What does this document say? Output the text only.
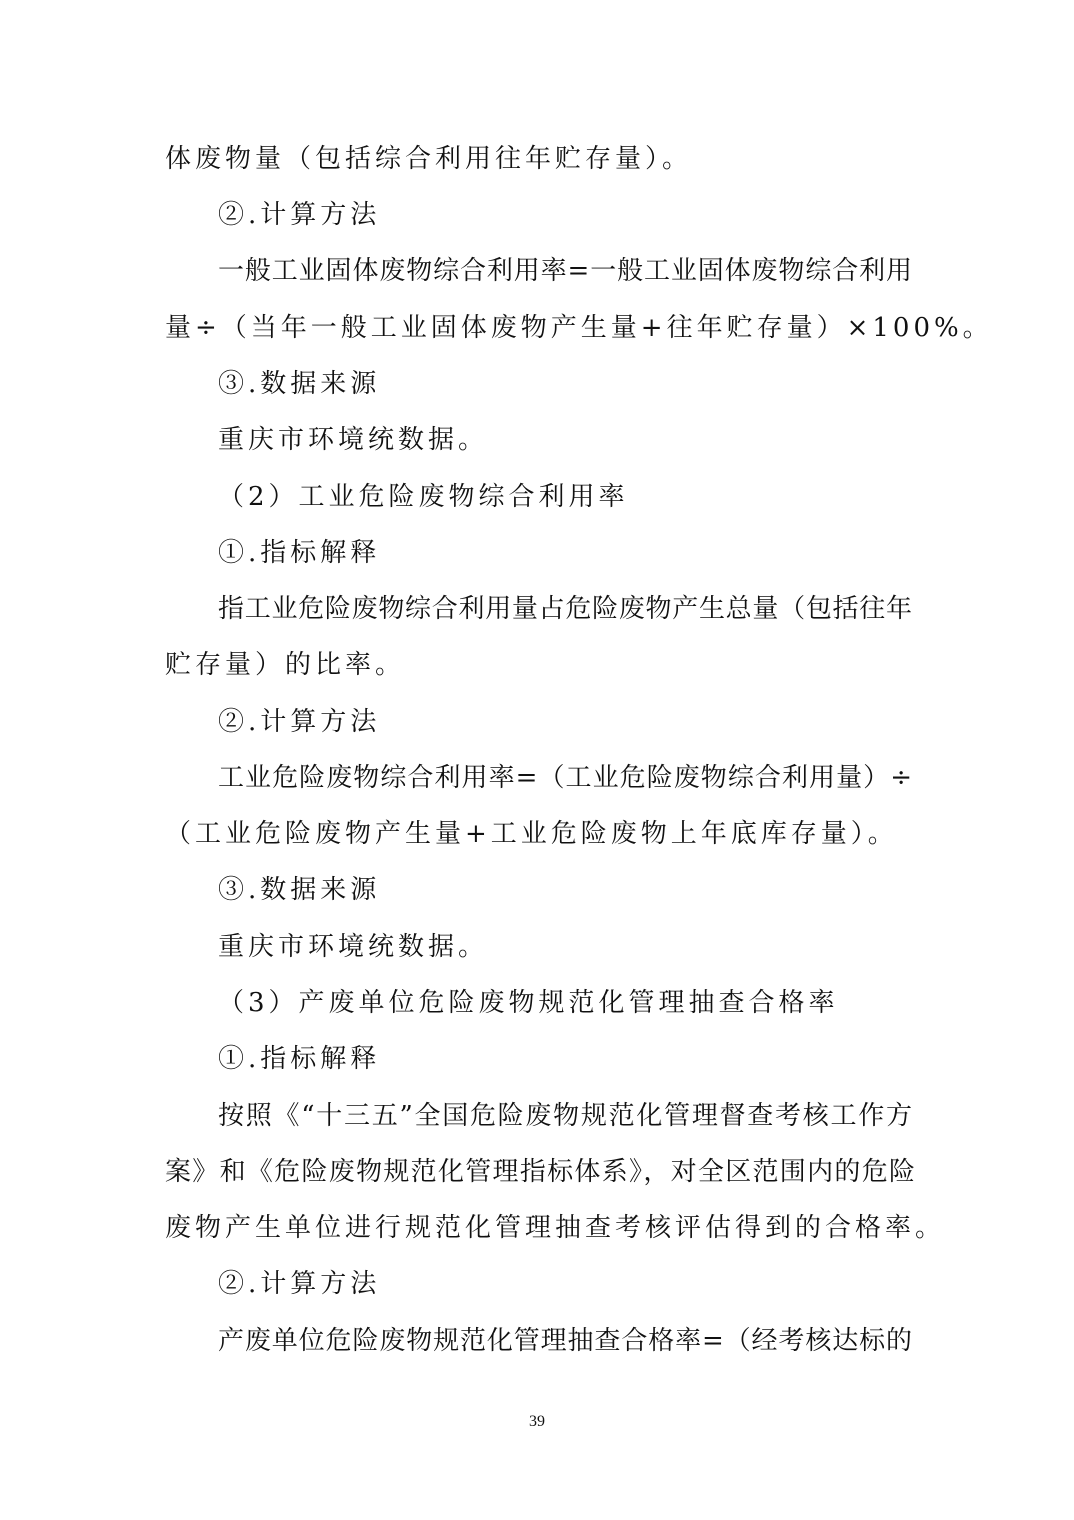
体废物量（包括综合利用往年贮存量）。
②.计算方法
一般工业固体废物综合利用率=一般工业固体废物综合利用
量÷（当年一般工业固体废物产生量+往年贮存量）×100%。
③.数据来源
重庆市环境统数据。
（2）工业危险废物综合利用率
①.指标解释
指工业危险废物综合利用量占危险废物产生总量（包括往年
贮存量）的比率。
②.计算方法
工业危险废物综合利用率=（工业危险废物综合利用量）÷
（工业危险废物产生量+工业危险废物上年底库存量）。
③.数据来源
重庆市环境统数据。
（3）产废单位危险废物规范化管理抽查合格率
①.指标解释
按照《“十三五”全国危险废物规范化管理督查考核工作方
案》和《危险废物规范化管理指标体系》，对全区范围内的危险
废物产生单位进行规范化管理抽查考核评估得到的合格率。
②.计算方法
产废单位危险废物规范化管理抽查合格率=（经考核达标的
39
